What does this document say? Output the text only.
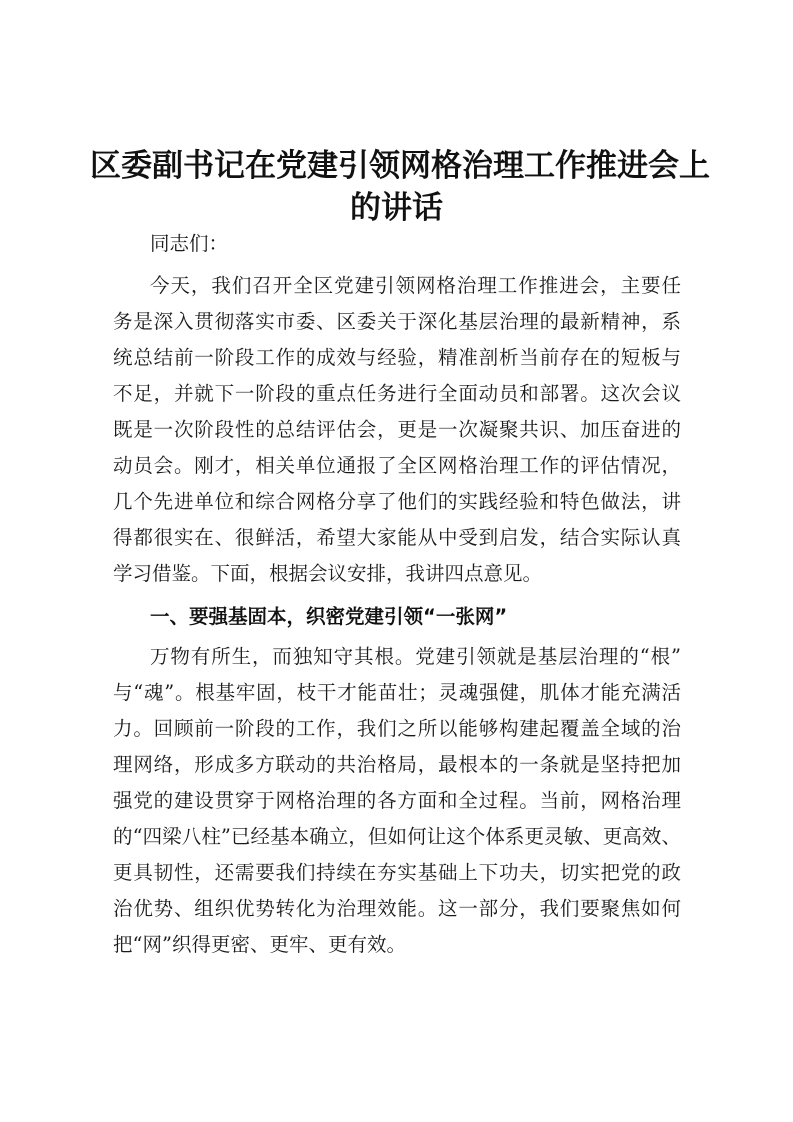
区委副书记在党建引领网格治理工作推进会上
的讲话
同志们：
今天，我们召开全区党建引领网格治理工作推进会，主要任
务是深入贯彻落实市委、区委关于深化基层治理的最新精神，系
统总结前一阶段工作的成效与经验，精准剖析当前存在的短板与
不足，并就下一阶段的重点任务进行全面动员和部署。这次会议
既是一次阶段性的总结评估会，更是一次凝聚共识、加压奋进的
动员会。刚才，相关单位通报了全区网格治理工作的评估情况，
几个先进单位和综合网格分享了他们的实践经验和特色做法，讲
得都很实在、很鲜活，希望大家能从中受到启发，结合实际认真
学习借鉴。下面，根据会议安排，我讲四点意见。
一、要强基固本，织密党建引领“一张网”
万物有所生，而独知守其根。党建引领就是基层治理的“根”
与“魂”。根基牢固，枝干才能苗壮；灵魂强健，肌体才能充满活
力。回顾前一阶段的工作，我们之所以能够构建起覆盖全域的治
理网络，形成多方联动的共治格局，最根本的一条就是坚持把加
强党的建设贯穿于网格治理的各方面和全过程。当前，网格治理
的“四梁八柱”已经基本确立，但如何让这个体系更灵敏、更高效、
更具韧性，还需要我们持续在夯实基础上下功夫，切实把党的政
治优势、组织优势转化为治理效能。这一部分，我们要聚焦如何
把“网”织得更密、更牢、更有效。
